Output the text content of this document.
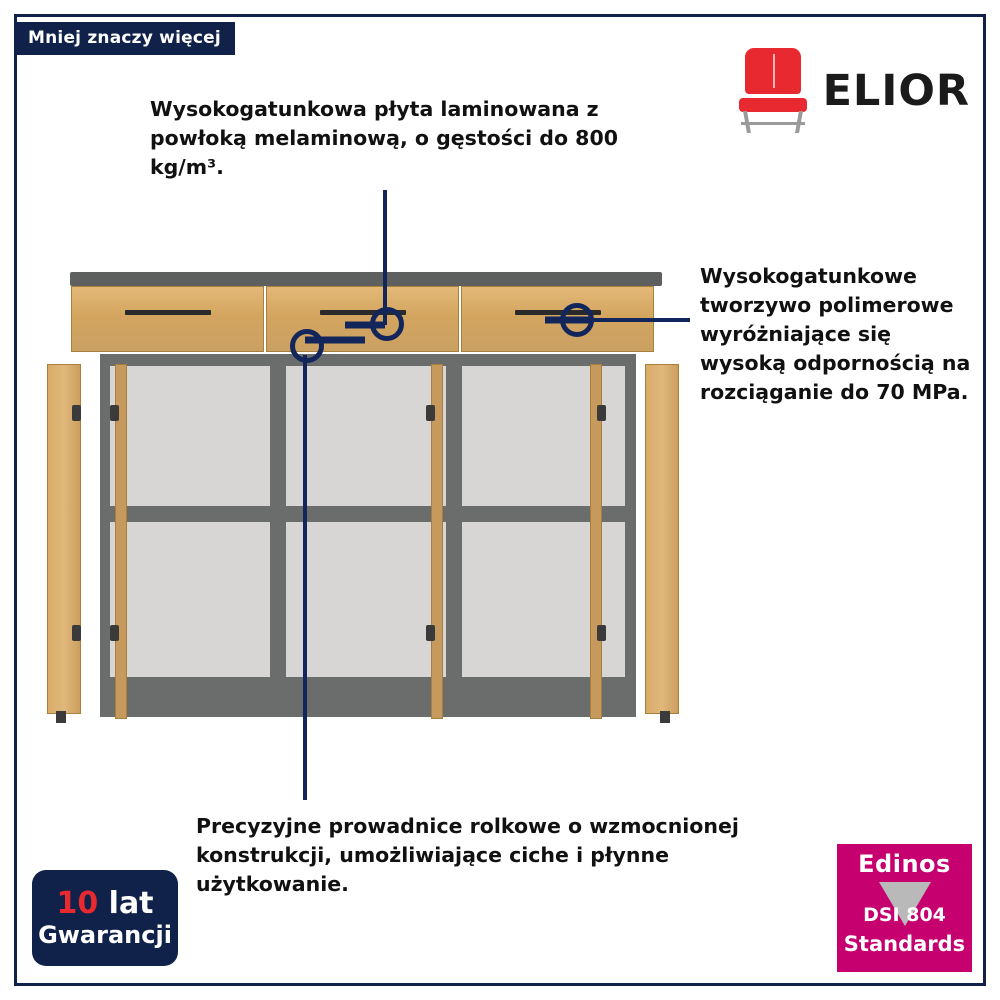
Mniej znaczy więcej
ELIOR
Wysokogatunkowa płyta laminowana z powłoką melaminową, o gęstości do 800 kg/m³.
Wysokogatunkowe tworzywo polimerowe wyróżniające się wysoką odpornością na rozciąganie do 70 MPa.
Precyzyjne prowadnice rolkowe o wzmocnionej konstrukcji, umożliwiające ciche i płynne użytkowanie.
10 lat
Gwarancji
Edinos
DSI 804
Standards
